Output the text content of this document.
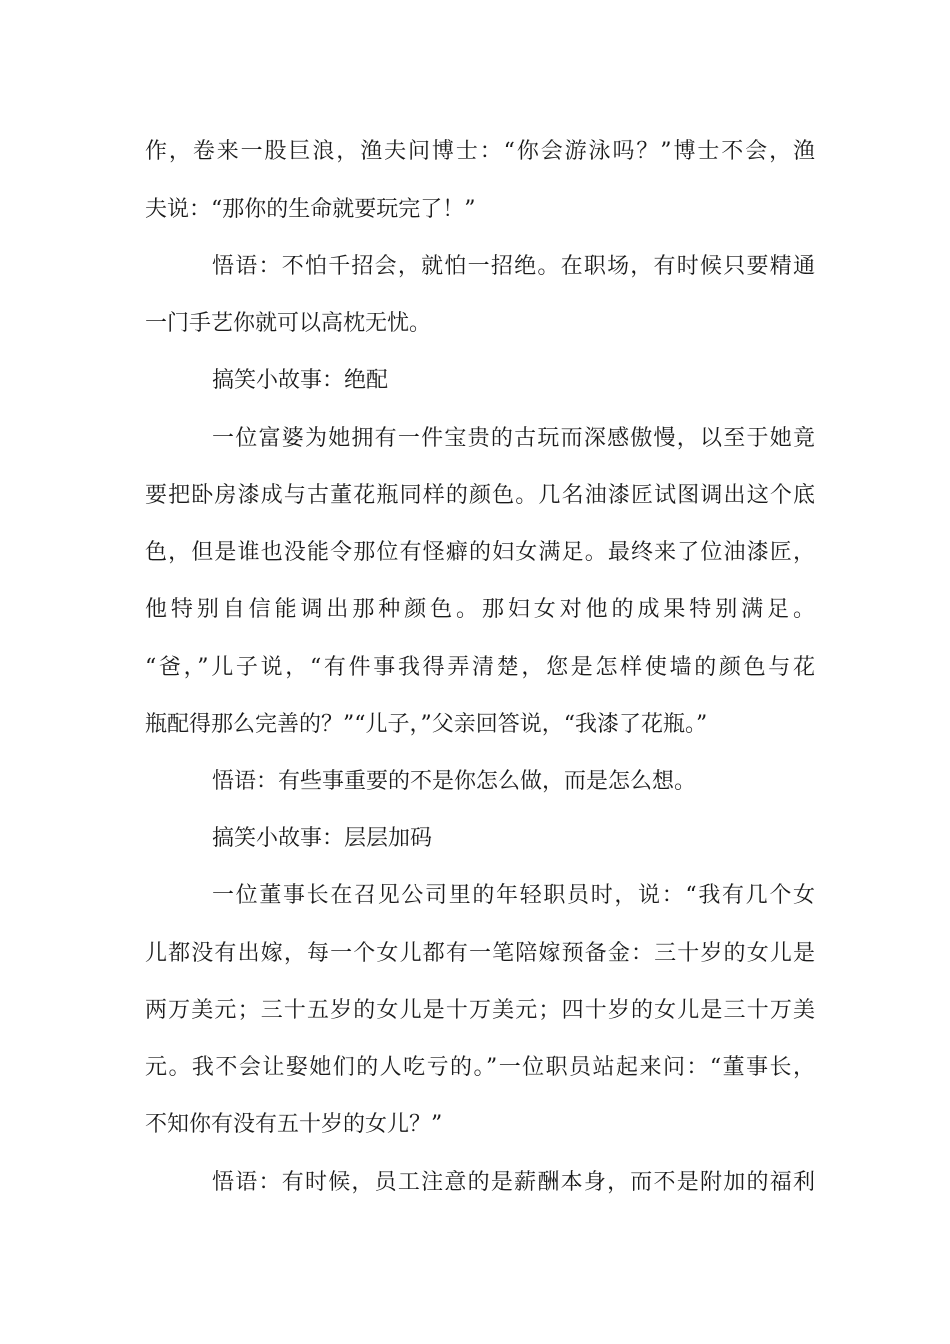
作，卷来一股巨浪，渔夫问博士：“你会游泳吗？”博士不会，渔
夫说：“那你的生命就要玩完了！”
悟语：不怕千招会，就怕一招绝。在职场，有时候只要精通
一门手艺你就可以高枕无忧。
搞笑小故事：绝配
一位富婆为她拥有一件宝贵的古玩而深感傲慢，以至于她竟
要把卧房漆成与古董花瓶同样的颜色。几名油漆匠试图调出这个底
色，但是谁也没能令那位有怪癖的妇女满足。最终来了位油漆匠，
他特别自信能调出那种颜色。那妇女对他的成果特别满足。
“爸，”儿子说，“有件事我得弄清楚，您是怎样使墙的颜色与花
瓶配得那么完善的？”“儿子，”父亲回答说，“我漆了花瓶。”
悟语：有些事重要的不是你怎么做，而是怎么想。
搞笑小故事：层层加码
一位董事长在召见公司里的年轻职员时，说：“我有几个女
儿都没有出嫁，每一个女儿都有一笔陪嫁预备金：三十岁的女儿是
两万美元；三十五岁的女儿是十万美元；四十岁的女儿是三十万美
元。我不会让娶她们的人吃亏的。”一位职员站起来问：“董事长，
不知你有没有五十岁的女儿？”
悟语：有时候，员工注意的是薪酬本身，而不是附加的福利
